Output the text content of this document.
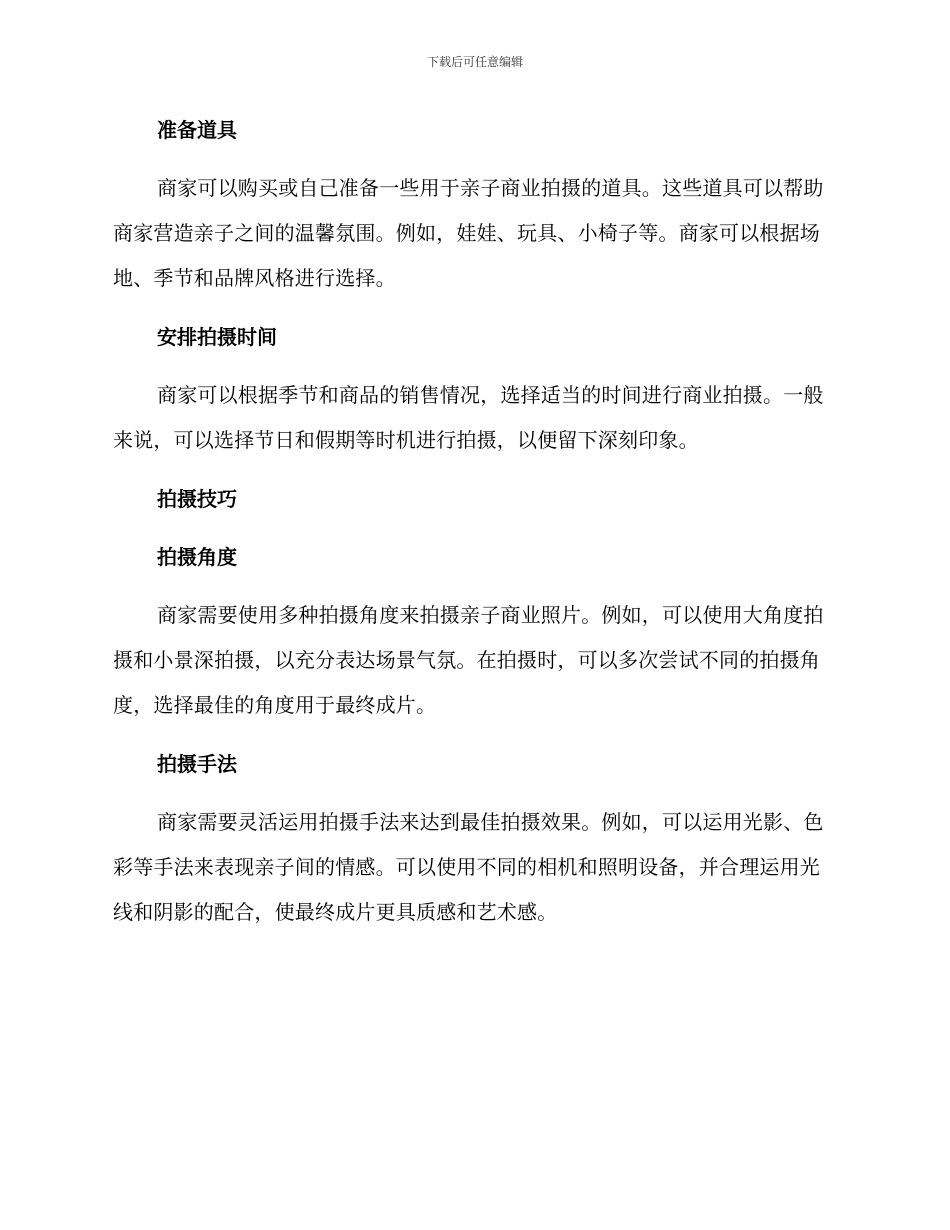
下载后可任意编辑
准备道具

商家可以购买或自己准备一些用于亲子商业拍摄的道具。这些道具可以帮助商家营造亲子之间的温馨氛围。例如，娃娃、玩具、小椅子等。商家可以根据场地、季节和品牌风格进行选择。

安排拍摄时间

商家可以根据季节和商品的销售情况，选择适当的时间进行商业拍摄。一般来说，可以选择节日和假期等时机进行拍摄，以便留下深刻印象。

拍摄技巧
拍摄角度

商家需要使用多种拍摄角度来拍摄亲子商业照片。例如，可以使用大角度拍摄和小景深拍摄，以充分表达场景气氛。在拍摄时，可以多次尝试不同的拍摄角度，选择最佳的角度用于最终成片。

拍摄手法

商家需要灵活运用拍摄手法来达到最佳拍摄效果。例如，可以运用光影、色彩等手法来表现亲子间的情感。可以使用不同的相机和照明设备，并合理运用光线和阴影的配合，使最终成片更具质感和艺术感。
